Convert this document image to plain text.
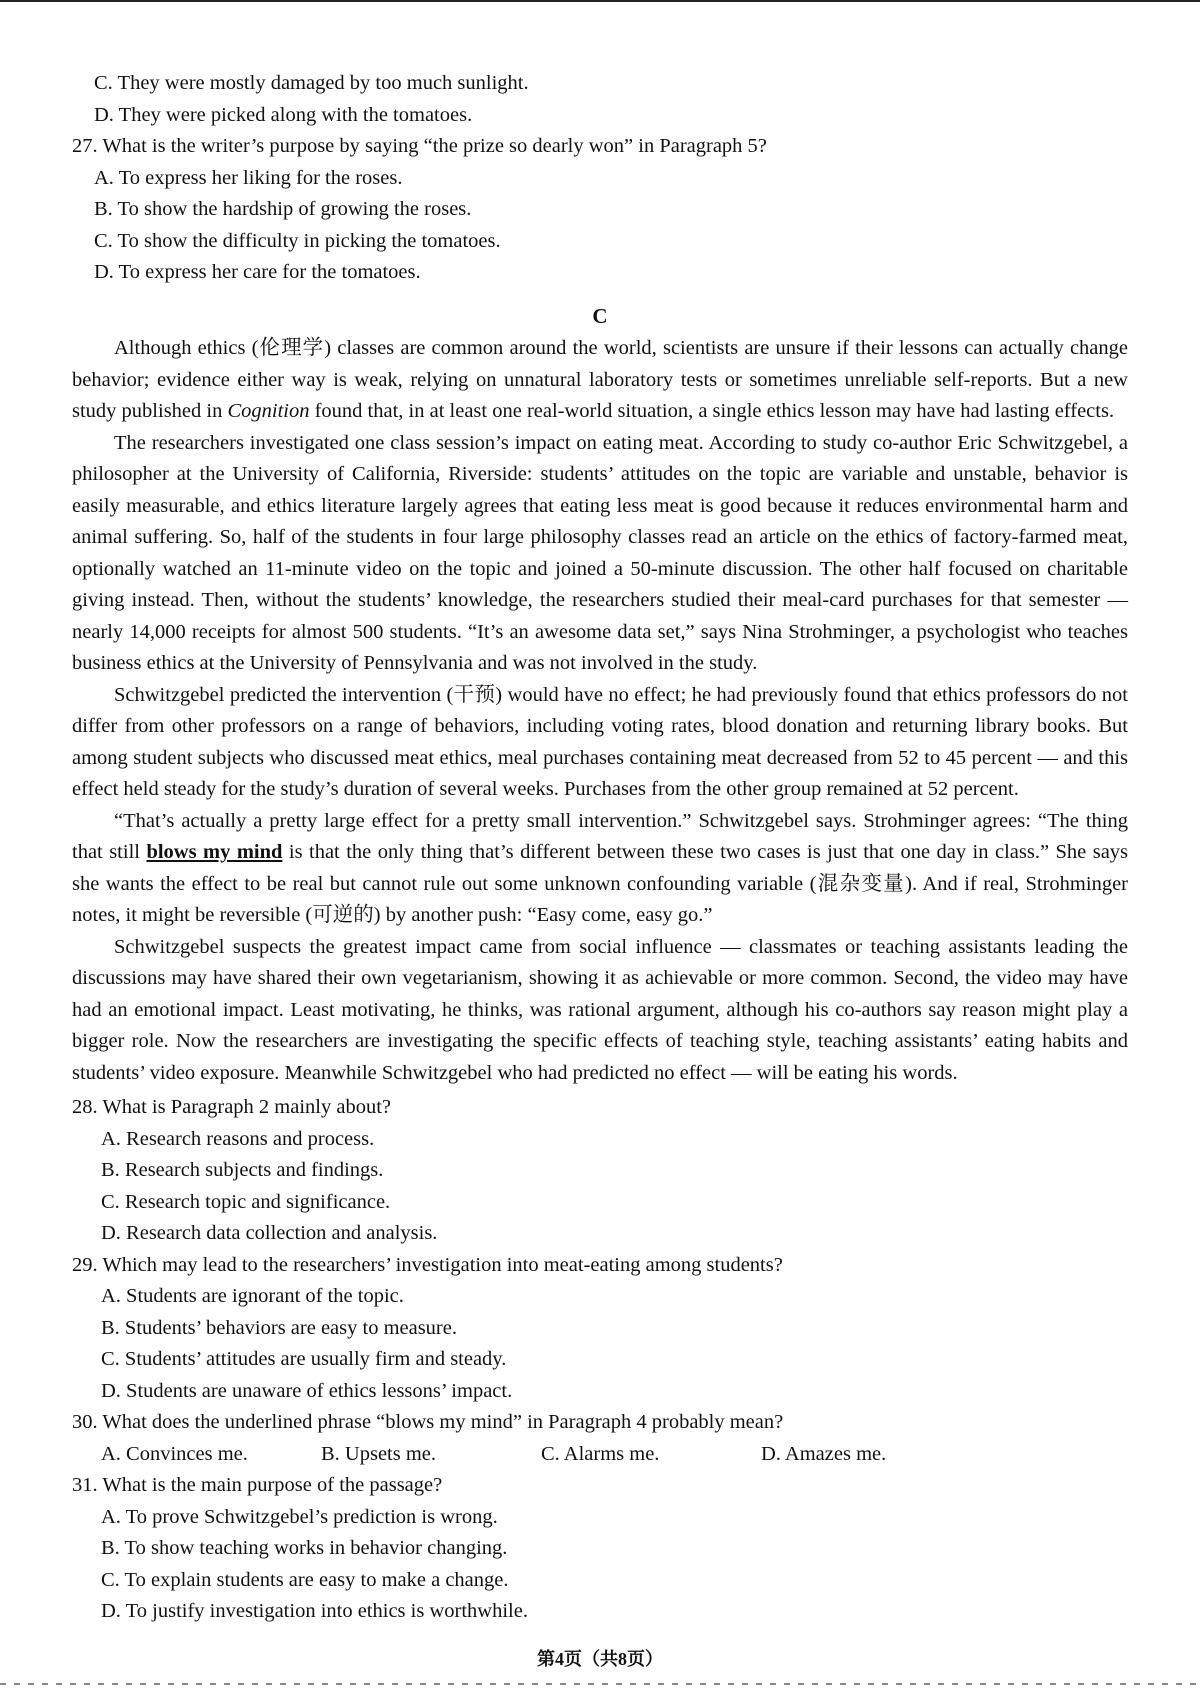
C. They were mostly damaged by too much sunlight.
D. They were picked along with the tomatoes.
27. What is the writer’s purpose by saying “the prize so dearly won” in Paragraph 5?
A. To express her liking for the roses.
B. To show the hardship of growing the roses.
C. To show the difficulty in picking the tomatoes.
D. To express her care for the tomatoes.
C

Although ethics (伦理学) classes are common around the world, scientists are unsure if their lessons can actually change behavior; evidence either way is weak, relying on unnatural laboratory tests or sometimes unreliable self-reports. But a new study published in Cognition found that, in at least one real-world situation, a single ethics lesson may have had lasting effects.

The researchers investigated one class session’s impact on eating meat. According to study co-author Eric Schwitzgebel, a philosopher at the University of California, Riverside: students’ attitudes on the topic are variable and unstable, behavior is easily measurable, and ethics literature largely agrees that eating less meat is good because it reduces environmental harm and animal suffering. So, half of the students in four large philosophy classes read an article on the ethics of factory-farmed meat, optionally watched an 11-minute video on the topic and joined a 50-minute discussion. The other half focused on charitable giving instead. Then, without the students’ knowledge, the researchers studied their meal-card purchases for that semester — nearly 14,000 receipts for almost 500 students. “It’s an awesome data set,” says Nina Strohminger, a psychologist who teaches business ethics at the University of Pennsylvania and was not involved in the study.

Schwitzgebel predicted the intervention (干预) would have no effect; he had previously found that ethics professors do not differ from other professors on a range of behaviors, including voting rates, blood donation and returning library books. But among student subjects who discussed meat ethics, meal purchases containing meat decreased from 52 to 45 percent — and this effect held steady for the study’s duration of several weeks. Purchases from the other group remained at 52 percent.

“That’s actually a pretty large effect for a pretty small intervention.” Schwitzgebel says. Strohminger agrees: “The thing that still blows my mind is that the only thing that’s different between these two cases is just that one day in class.” She says she wants the effect to be real but cannot rule out some unknown confounding variable (混杂变量). And if real, Strohminger notes, it might be reversible (可逆的) by another push: “Easy come, easy go.”

Schwitzgebel suspects the greatest impact came from social influence — classmates or teaching assistants leading the discussions may have shared their own vegetarianism, showing it as achievable or more common. Second, the video may have had an emotional impact. Least motivating, he thinks, was rational argument, although his co-authors say reason might play a bigger role. Now the researchers are investigating the specific effects of teaching style, teaching assistants’ eating habits and students’ video exposure. Meanwhile Schwitzgebel who had predicted no effect — will be eating his words.

28. What is Paragraph 2 mainly about?
A. Research reasons and process.
B. Research subjects and findings.
C. Research topic and significance.
D. Research data collection and analysis.
29. Which may lead to the researchers’ investigation into meat-eating among students?
A. Students are ignorant of the topic.
B. Students’ behaviors are easy to measure.
C. Students’ attitudes are usually firm and steady.
D. Students are unaware of ethics lessons’ impact.
30. What does the underlined phrase “blows my mind” in Paragraph 4 probably mean?
A. Convinces me.	B. Upsets me.	C. Alarms me.	D. Amazes me.
31. What is the main purpose of the passage?
A. To prove Schwitzgebel’s prediction is wrong.
B. To show teaching works in behavior changing.
C. To explain students are easy to make a change.
D. To justify investigation into ethics is worthwhile.
第4页（共8页）
